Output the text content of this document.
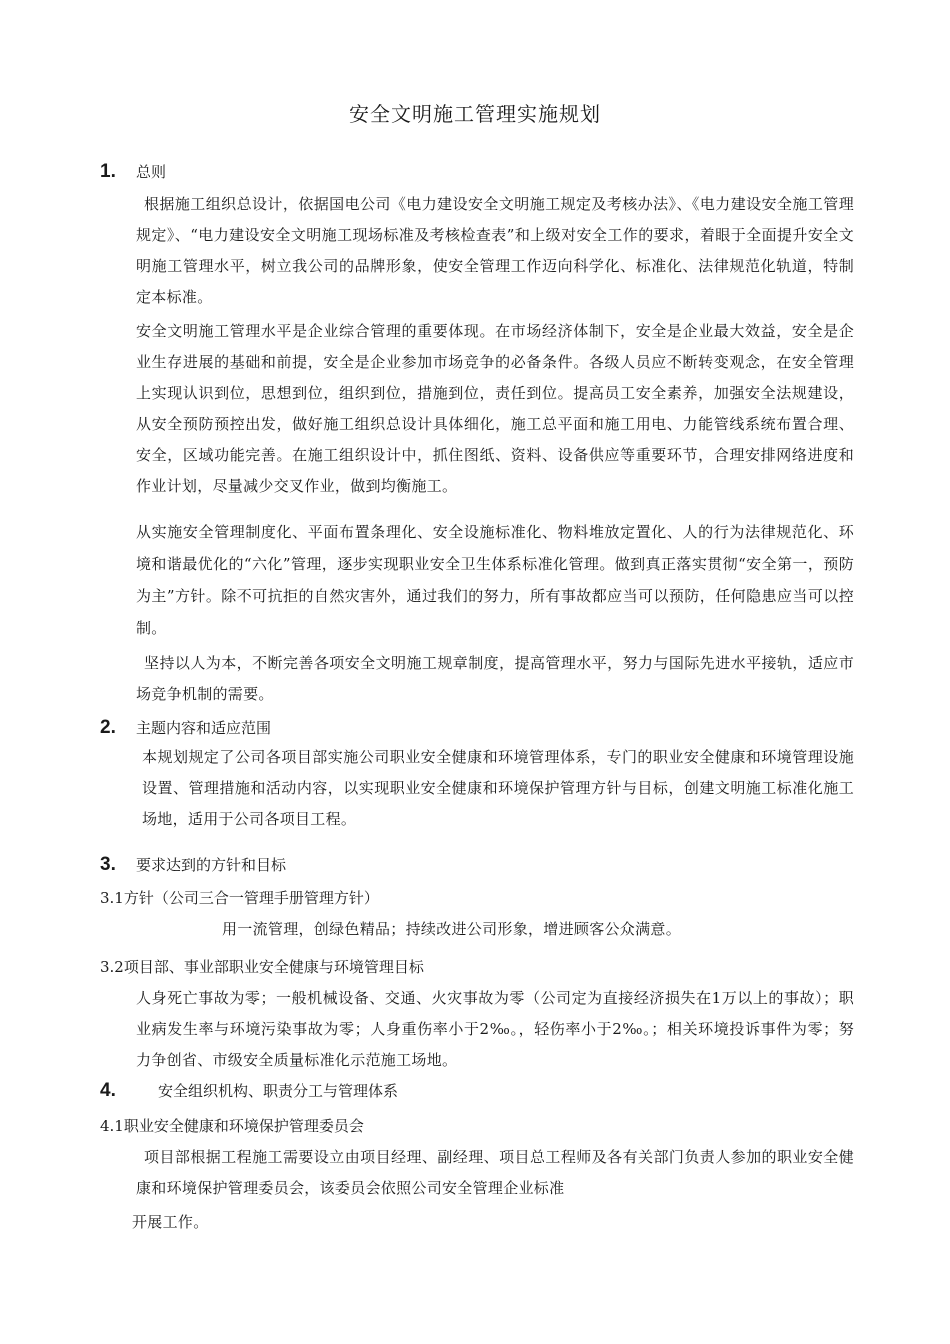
安全文明施工管理实施规划
1. 总则
根据施工组织总设计，依据国电公司《电力建设安全文明施工规定及考核办法》、《电力建设安全施工管理规定》、“电力建设安全文明施工现场标准及考核检查表”和上级对安全工作的要求，着眼于全面提升安全文明施工管理水平，树立我公司的品牌形象，使安全管理工作迈向科学化、标准化、法律规范化轨道，特制定本标准。
安全文明施工管理水平是企业综合管理的重要体现。在市场经济体制下，安全是企业最大效益，安全是企业生存进展的基础和前提，安全是企业参加市场竞争的必备条件。各级人员应不断转变观念，在安全管理上实现认识到位，思想到位，组织到位，措施到位，责任到位。提高员工安全素养，加强安全法规建设，从安全预防预控出发，做好施工组织总设计具体细化，施工总平面和施工用电、力能管线系统布置合理、安全，区域功能完善。在施工组织设计中，抓住图纸、资料、设备供应等重要环节，合理安排网络进度和作业计划，尽量减少交叉作业，做到均衡施工。
从实施安全管理制度化、平面布置条理化、安全设施标准化、物料堆放定置化、人的行为法律规范化、环境和谐最优化的“六化”管理，逐步实现职业安全卫生体系标准化管理。做到真正落实贯彻“安全第一，预防为主”方针。除不可抗拒的自然灾害外，通过我们的努力，所有事故都应当可以预防，任何隐患应当可以控制。
坚持以人为本，不断完善各项安全文明施工规章制度，提高管理水平，努力与国际先进水平接轨，适应市场竞争机制的需要。
2. 主题内容和适应范围
本规划规定了公司各项目部实施公司职业安全健康和环境管理体系，专门的职业安全健康和环境管理设施设置、管理措施和活动内容，以实现职业安全健康和环境保护管理方针与目标，创建文明施工标准化施工场地，适用于公司各项目工程。
3. 要求达到的方针和目标
3.1方针（公司三合一管理手册管理方针）
用一流管理，创绿色精品；持续改进公司形象，增进顾客公众满意。
3.2项目部、事业部职业安全健康与环境管理目标
人身死亡事故为零；一般机械设备、交通、火灾事故为零（公司定为直接经济损失在1万以上的事故）；职业病发生率与环境污染事故为零；人身重伤率小于2‰。，轻伤率小于2‰。；相关环境投诉事件为零；努力争创省、市级安全质量标准化示范施工场地。
4.	安全组织机构、职责分工与管理体系
4.1职业安全健康和环境保护管理委员会
项目部根据工程施工需要设立由项目经理、副经理、项目总工程师及各有关部门负责人参加的职业安全健康和环境保护管理委员会，该委员会依照公司安全管理企业标准
开展工作。
